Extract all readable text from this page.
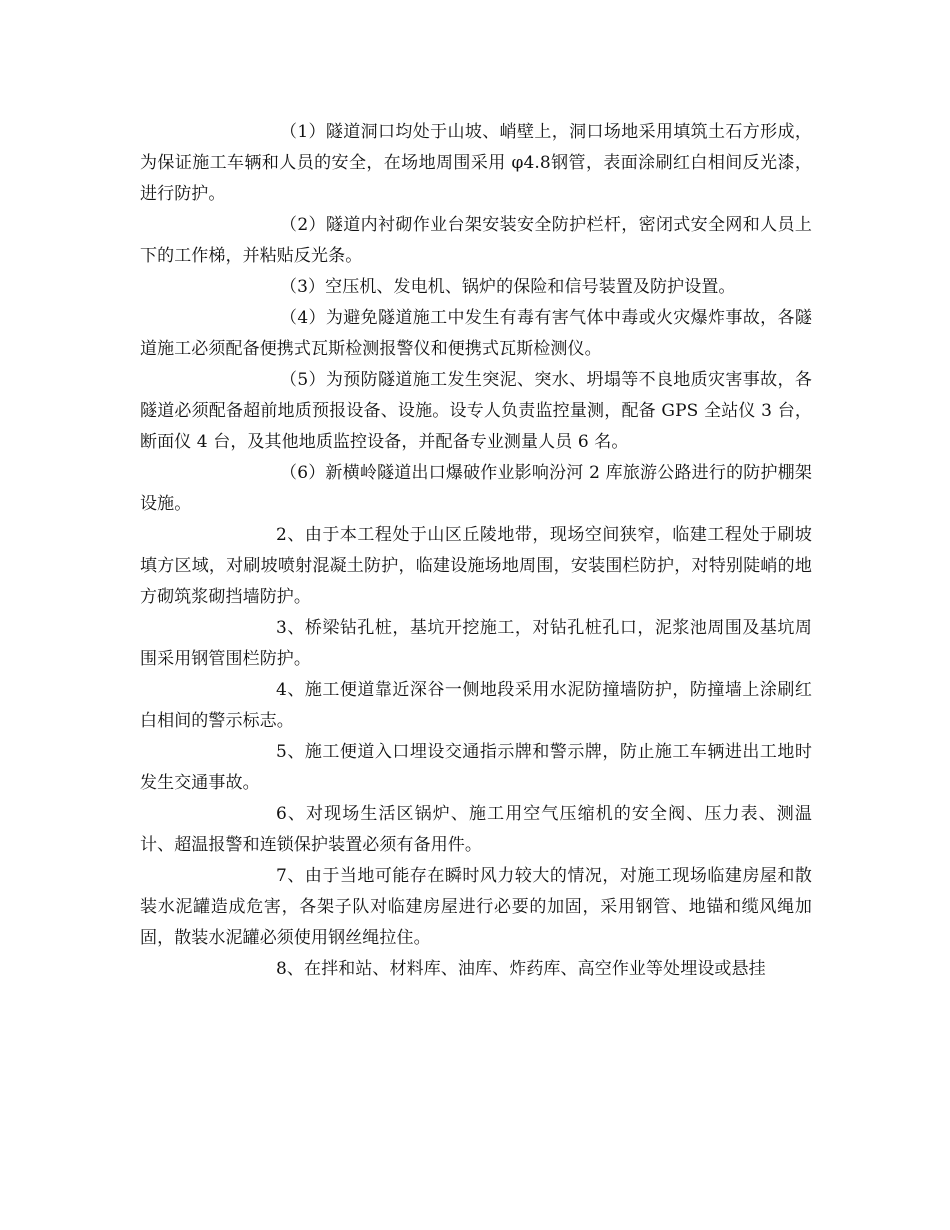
（1）隧道洞口均处于山坡、峭壁上，洞口场地采用填筑土石方形成，为保证施工车辆和人员的安全，在场地周围采用 φ4.8钢管，表面涂刷红白相间反光漆，进行防护。

（2）隧道内衬砌作业台架安装安全防护栏杆，密闭式安全网和人员上下的工作梯，并粘贴反光条。

（3）空压机、发电机、锅炉的保险和信号装置及防护设置。

（4）为避免隧道施工中发生有毒有害气体中毒或火灾爆炸事故，各隧道施工必须配备便携式瓦斯检测报警仪和便携式瓦斯检测仪。

（5）为预防隧道施工发生突泥、突水、坍塌等不良地质灾害事故，各隧道必须配备超前地质预报设备、设施。设专人负责监控量测，配备 GPS 全站仪 3 台，断面仪 4 台，及其他地质监控设备，并配备专业测量人员 6 名。

（6）新横岭隧道出口爆破作业影响汾河 2 库旅游公路进行的防护棚架设施。

2、由于本工程处于山区丘陵地带，现场空间狭窄，临建工程处于刷坡填方区域，对刷坡喷射混凝土防护，临建设施场地周围，安装围栏防护，对特别陡峭的地方砌筑浆砌挡墙防护。

3、桥梁钻孔桩，基坑开挖施工，对钻孔桩孔口，泥浆池周围及基坑周围采用钢管围栏防护。

4、施工便道靠近深谷一侧地段采用水泥防撞墙防护，防撞墙上涂刷红白相间的警示标志。

5、施工便道入口埋设交通指示牌和警示牌，防止施工车辆进出工地时发生交通事故。

6、对现场生活区锅炉、施工用空气压缩机的安全阀、压力表、测温计、超温报警和连锁保护装置必须有备用件。

7、由于当地可能存在瞬时风力较大的情况，对施工现场临建房屋和散装水泥罐造成危害，各架子队对临建房屋进行必要的加固，采用钢管、地锚和缆风绳加固，散装水泥罐必须使用钢丝绳拉住。

8、在拌和站、材料库、油库、炸药库、高空作业等处埋设或悬挂
